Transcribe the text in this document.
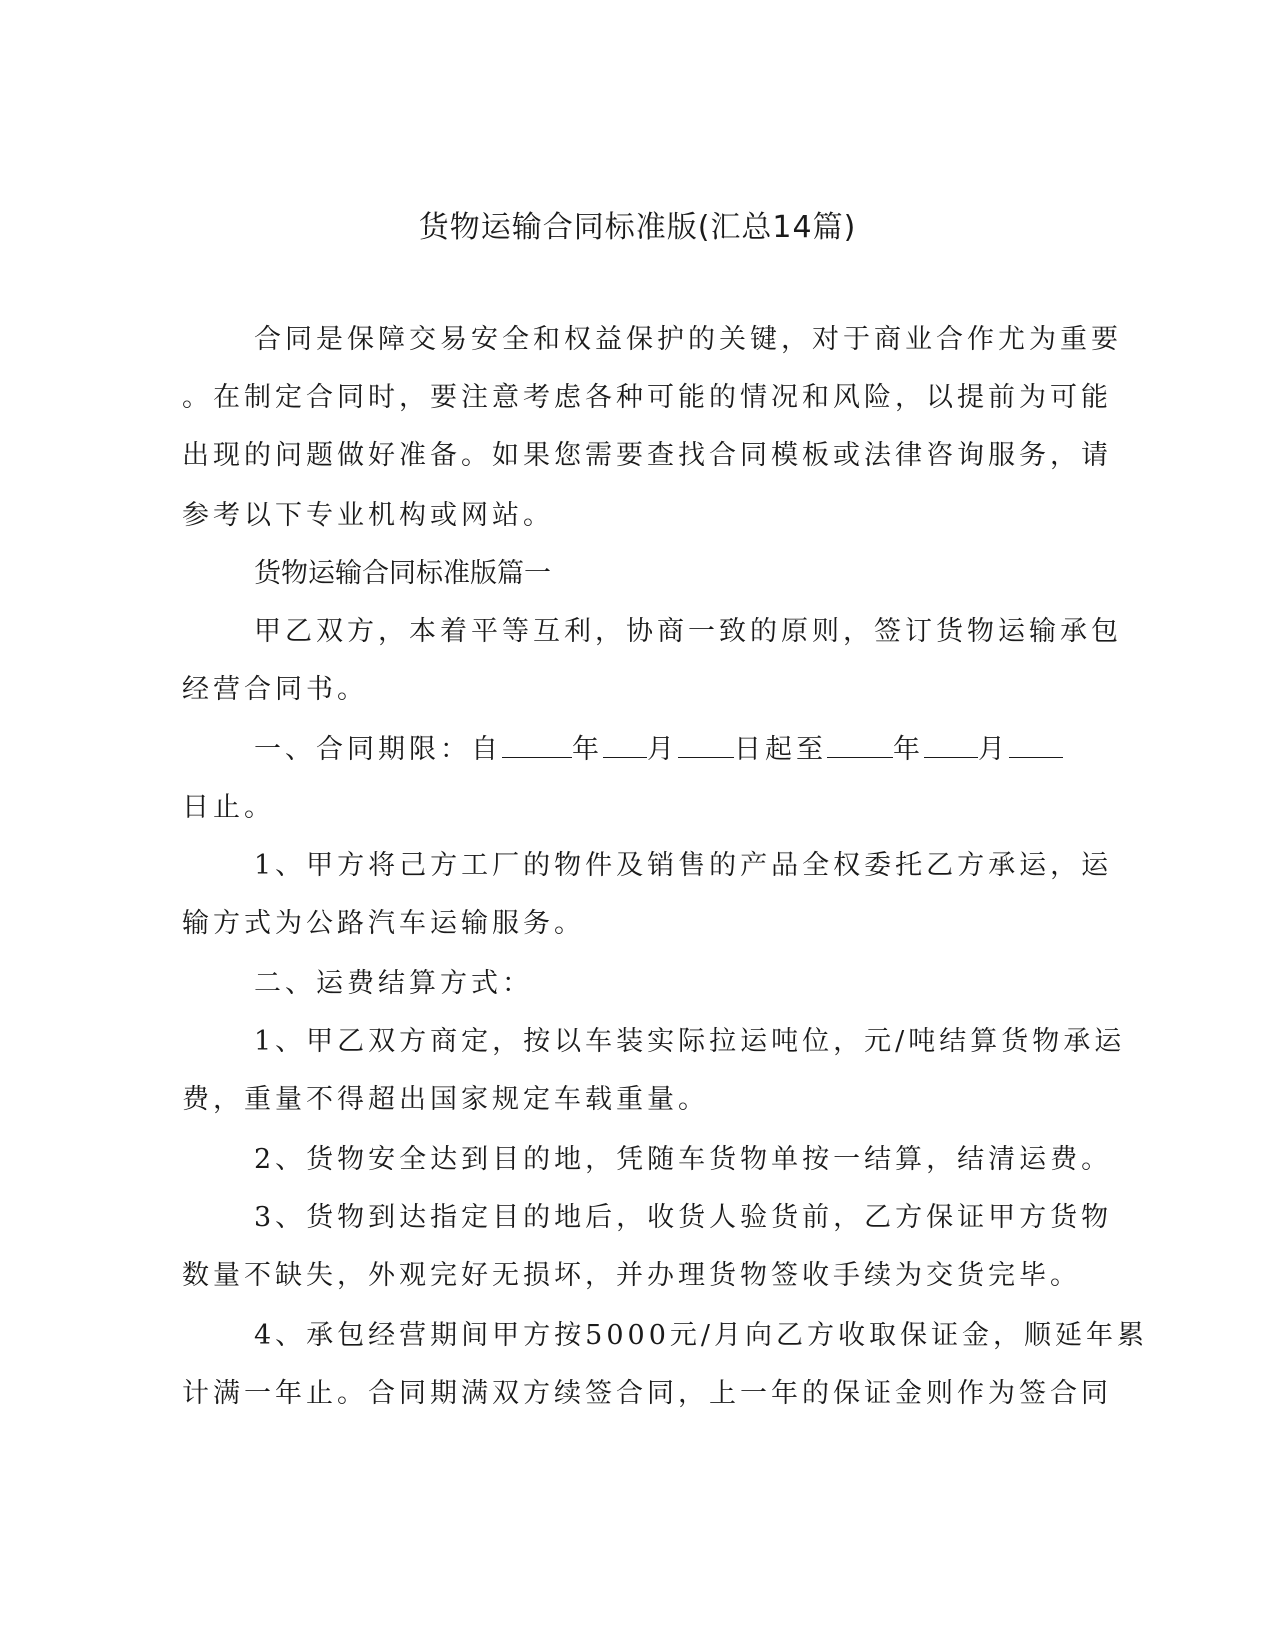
货物运输合同标准版(汇总14篇)
合同是保障交易安全和权益保护的关键，对于商业合作尤为重要
。在制定合同时，要注意考虑各种可能的情况和风险，以提前为可能
出现的问题做好准备。如果您需要查找合同模板或法律咨询服务，请
参考以下专业机构或网站。
货物运输合同标准版篇一
甲乙双方，本着平等互利，协商一致的原则，签订货物运输承包
经营合同书。
一、合同期限：自	年 月 日起至 年 月
日止。
1、甲方将己方工厂的物件及销售的产品全权委托乙方承运，运
输方式为公路汽车运输服务。
二、运费结算方式：
1、甲乙双方商定，按以车装实际拉运吨位，元/吨结算货物承运
费，重量不得超出国家规定车载重量。
2、货物安全达到目的地，凭随车货物单按一结算，结清运费。
3、货物到达指定目的地后，收货人验货前，乙方保证甲方货物
数量不缺失，外观完好无损坏，并办理货物签收手续为交货完毕。
4、承包经营期间甲方按5000元/月向乙方收取保证金，顺延年累
计满一年止。合同期满双方续签合同，上一年的保证金则作为签合同
